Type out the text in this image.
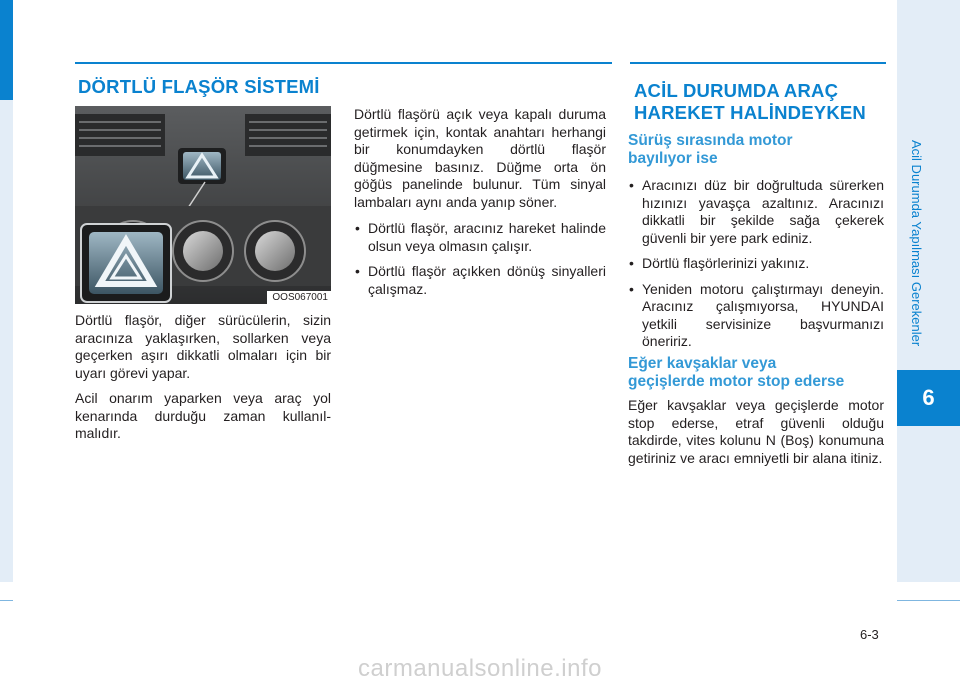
Acil Durumda Yapılması Gerekenler
6
DÖRTLÜ FLAŞÖR SİSTEMİ
OOS067001

Dörtlü flaşör, diğer sürücülerin, sizin aracınıza yaklaşırken, sollarken veya geçerken aşırı dikkatli olmaları için bir uyarı görevi yapar.

Acil onarım yaparken veya araç yol kenarında durduğu zaman kullanılmalıdır.

Dörtlü flaşörü açık veya kapalı duruma getirmek için, kontak anahtarı herhangi bir konumdayken dörtlü flaşör düğmesine basınız. Düğme orta ön göğüs panelinde bulunur. Tüm sinyal lambaları aynı anda yanıp söner.

• Dörtlü flaşör, aracınız hareket halinde olsun veya olmasın çalışır.
• Dörtlü flaşör açıkken dönüş sinyalleri çalışmaz.
ACİL DURUMDA ARAÇ
HAREKET HALİNDEYKEN
Sürüş sırasında motor
bayılıyor ise
• Aracınızı düz bir doğrultuda sürerken hızınızı yavaşça azaltınız. Aracınızı dikkatli bir şekilde sağa çekerek güvenli bir yere park ediniz.
• Dörtlü flaşörlerinizi yakınız.
• Yeniden motoru çalıştırmayı deneyin. Aracınız çalışmıyorsa, HYUNDAI yetkili servisinize başvurmanızı öneririz.
Eğer kavşaklar veya
geçişlerde motor stop ederse

Eğer kavşaklar veya geçişlerde motor stop ederse, etraf güvenli olduğu takdirde, vites kolunu N (Boş) konumuna getiriniz ve aracı emniyetli bir alana itiniz.

6-3
carmanualsonline.info
